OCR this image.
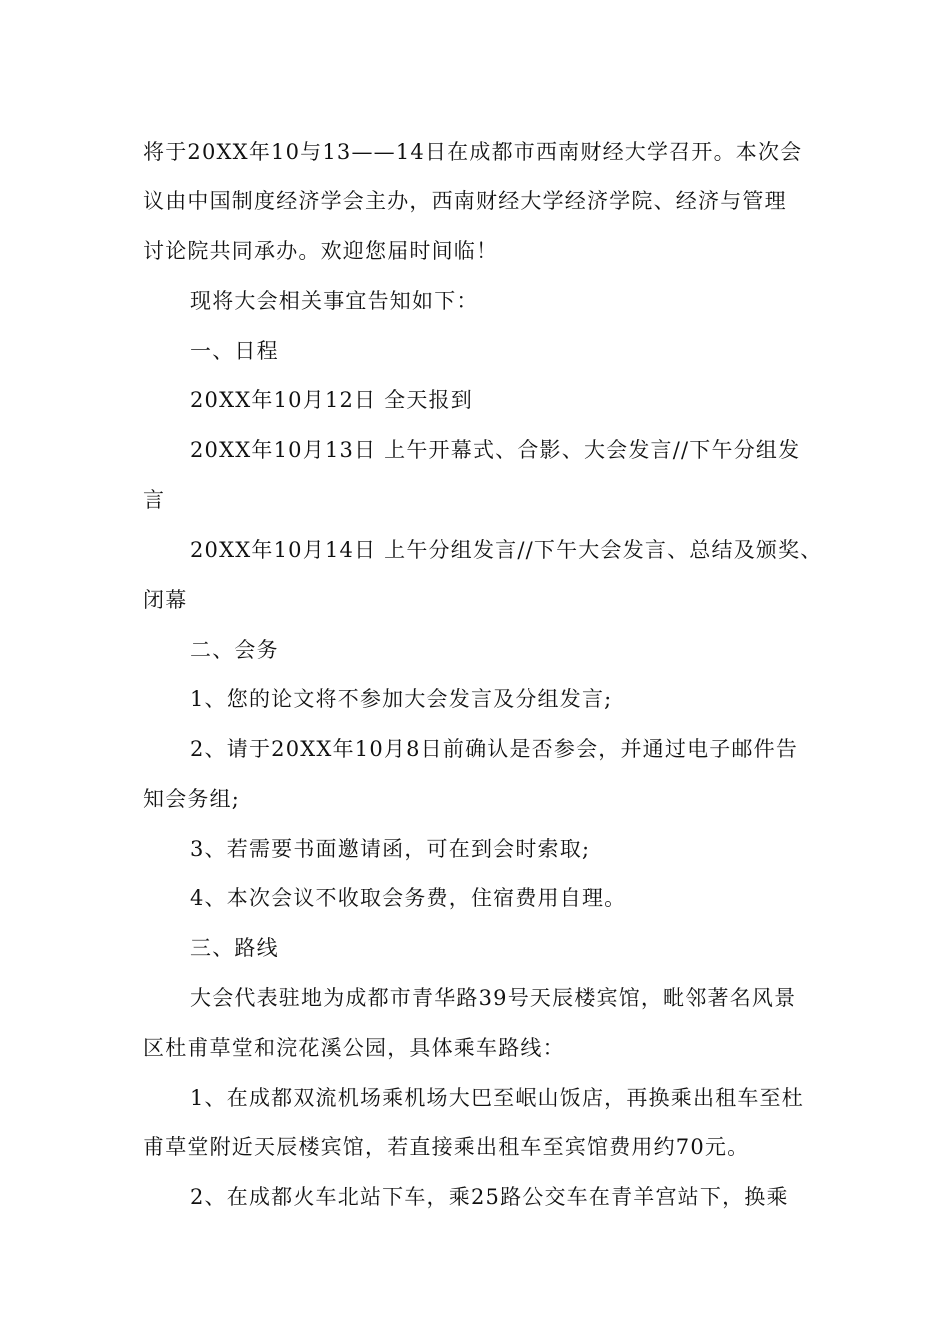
将于20XX年10与13——14日在成都市西南财经大学召开。本次会
议由中国制度经济学会主办，西南财经大学经济学院、经济与管理
讨论院共同承办。欢迎您届时间临！
现将大会相关事宜告知如下：
一、日程
20XX年10月12日 全天报到
20XX年10月13日 上午开幕式、合影、大会发言//下午分组发
言
20XX年10月14日 上午分组发言//下午大会发言、总结及颁奖、
闭幕
二、会务
1、您的论文将不参加大会发言及分组发言;
2、请于20XX年10月8日前确认是否参会，并通过电子邮件告
知会务组;
3、若需要书面邀请函，可在到会时索取;
4、本次会议不收取会务费，住宿费用自理。
三、路线
大会代表驻地为成都市青华路39号天辰楼宾馆，毗邻著名风景
区杜甫草堂和浣花溪公园，具体乘车路线：
1、在成都双流机场乘机场大巴至岷山饭店，再换乘出租车至杜
甫草堂附近天辰楼宾馆，若直接乘出租车至宾馆费用约70元。
2、在成都火车北站下车，乘25路公交车在青羊宫站下，换乘
